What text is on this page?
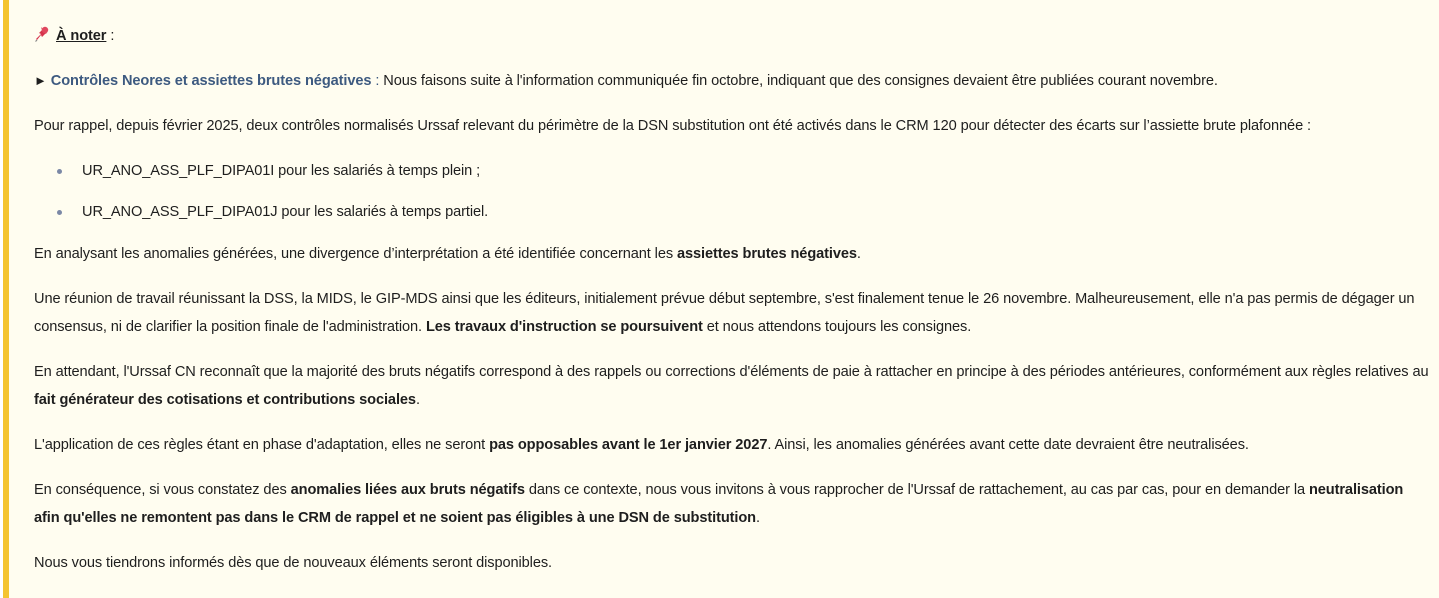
À noter :

► Contrôles Neores et assiettes brutes négatives : Nous faisons suite à l'information communiquée fin octobre, indiquant que des consignes devaient être publiées courant novembre.

Pour rappel, depuis février 2025, deux contrôles normalisés Urssaf relevant du périmètre de la DSN substitution ont été activés dans le CRM 120 pour détecter des écarts sur l’assiette brute plafonnée :

UR_ANO_ASS_PLF_DIPA01I pour les salariés à temps plein ;
UR_ANO_ASS_PLF_DIPA01J pour les salariés à temps partiel.

En analysant les anomalies générées, une divergence d’interprétation a été identifiée concernant les assiettes brutes négatives.

Une réunion de travail réunissant la DSS, la MIDS, le GIP-MDS ainsi que les éditeurs, initialement prévue début septembre, s'est finalement tenue le 26 novembre. Malheureusement, elle n'a pas permis de dégager un consensus, ni de clarifier la position finale de l'administration. Les travaux d'instruction se poursuivent et nous attendons toujours les consignes.

En attendant, l'Urssaf CN reconnaît que la majorité des bruts négatifs correspond à des rappels ou corrections d'éléments de paie à rattacher en principe à des périodes antérieures, conformément aux règles relatives au fait générateur des cotisations et contributions sociales.

L'application de ces règles étant en phase d'adaptation, elles ne seront pas opposables avant le 1er janvier 2027. Ainsi, les anomalies générées avant cette date devraient être neutralisées.

En conséquence, si vous constatez des anomalies liées aux bruts négatifs dans ce contexte, nous vous invitons à vous rapprocher de l'Urssaf de rattachement, au cas par cas, pour en demander la neutralisation afin qu'elles ne remontent pas dans le CRM de rappel et ne soient pas éligibles à une DSN de substitution.

Nous vous tiendrons informés dès que de nouveaux éléments seront disponibles.
